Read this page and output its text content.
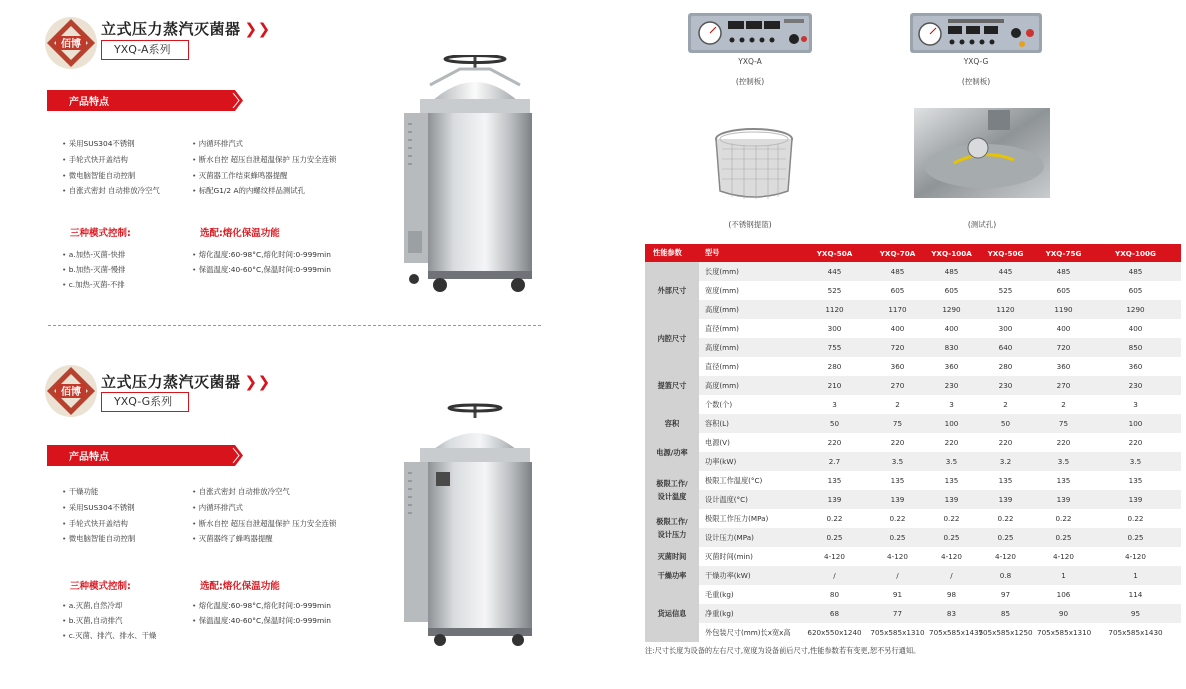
佰博
立式压力蒸汽灭菌器 ❯❯
YXQ-A系列
产品特点
• 采用SUS304不锈钢
• 手轮式快开盖结构
• 微电脑智能自动控制
• 自涨式密封 自动排放冷空气
• 内循环排汽式
• 断水自控 超压自泄超温保护 压力安全连锁
• 灭菌器工作结束蜂鸣器提醒
• 标配G1/2 A的内螺纹样品测试孔
三种模式控制:	选配:熔化保温功能
• a.加热-灭菌-快排
• b.加热-灭菌-慢排
• c.加热-灭菌-不排
• 熔化温度:60-98°C,熔化时间:0-999min
• 保温温度:40-60°C,保温时间:0-999min
佰博
立式压力蒸汽灭菌器 ❯❯
YXQ-G系列
产品特点
• 干燥功能
• 采用SUS304不锈钢
• 手轮式快开盖结构
• 微电脑智能自动控制
• 自涨式密封 自动排放冷空气
• 内循环排汽式
• 断水自控 超压自泄超温保护 压力安全连锁
• 灭菌器终了蜂鸣器提醒
三种模式控制:	选配:熔化保温功能
• a.灭菌,自然冷却
• b.灭菌,自动排汽
• c.灭菌、排汽、排水、干燥
• 熔化温度:60-98°C,熔化时间:0-999min
• 保温温度:40-60°C,保温时间:0-999min
YXQ-A
(控制板)
YXQ-G
(控制板)
(不锈钢提篮)	(测试孔)
性能参数	型号	YXQ-50A	YXQ-70A	YXQ-100A	YXQ-50G	YXQ-75G	YXQ-100G

外部尺寸	长度(mm)	445	485	485	445	485	485
	宽度(mm)	525	605	605	525	605	605
	高度(mm)	1120	1170	1290	1120	1190	1290

内腔尺寸	直径(mm)	300	400	400	300	400	400
	高度(mm)	755	720	830	640	720	850

提篮尺寸	直径(mm)	280	360	360	280	360	360
	高度(mm)	210	270	230	230	270	230
	个数(个)	3	2	3	2	2	3

容积	容积(L)	50	75	100	50	75	100

电源/功率	电源(V)	220	220	220	220	220	220
	功率(kW)	2.7	3.5	3.5	3.2	3.5	3.5

极限工作/
设计温度	极限工作温度(°C)	135	135	135	135	135	135
	设计温度(°C)	139	139	139	139	139	139

极限工作/
设计压力	极限工作压力(MPa)	0.22	0.22	0.22	0.22	0.22	0.22
	设计压力(MPa)	0.25	0.25	0.25	0.25	0.25	0.25

灭菌时间	灭菌时间(min)	4-120	4-120	4-120	4-120	4-120	4-120

干燥功率	干燥功率(kW)	/	/	/	0.8	1	1

货运信息	毛重(kg)	80	91	98	97	106	114
	净重(kg)	68	77	83	85	90	95
	外包装尺寸(mm)长x宽x高	620x550x1240	705x585x1310	705x585x1435	705x585x1250	705x585x1310	705x585x1430
注:尺寸长度为设备的左右尺寸,宽度为设备前后尺寸,性能参数若有变更,恕不另行通知。
